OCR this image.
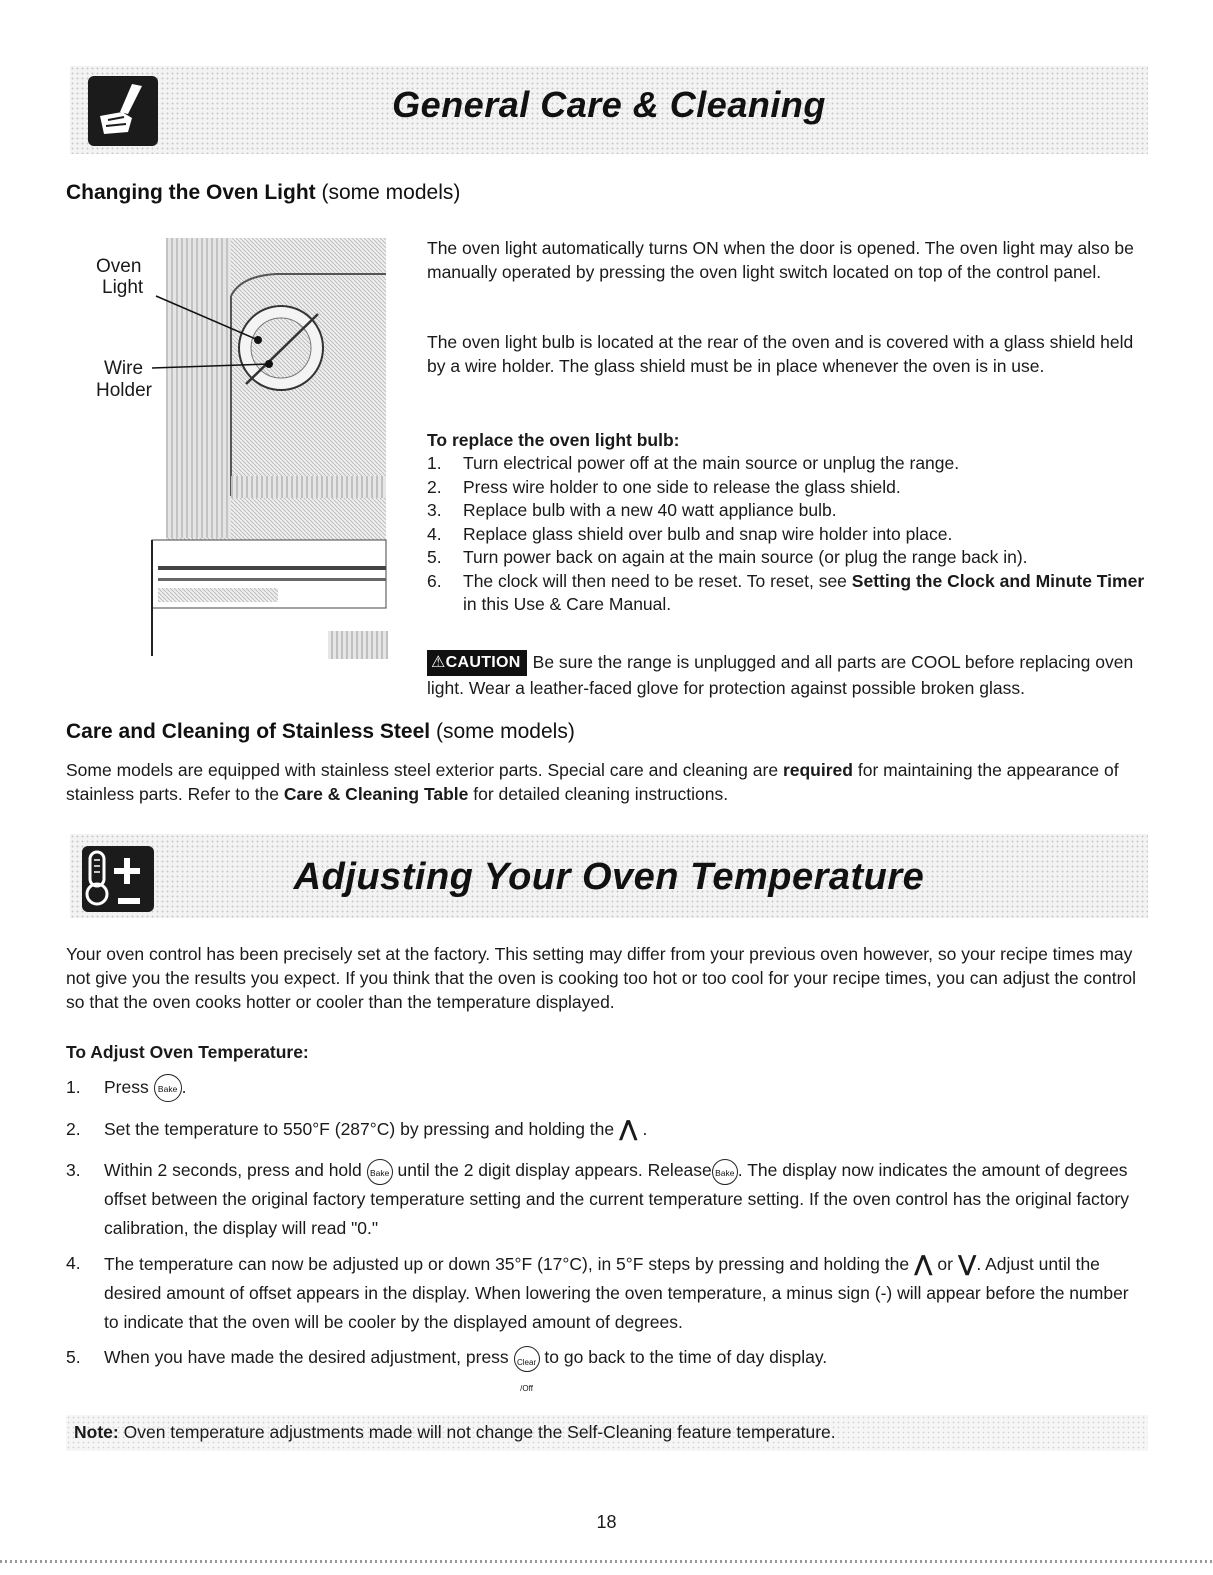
General Care & Cleaning
Changing the Oven Light (some models)
Oven
Light
Wire
Holder
The oven light automatically turns ON when the door is opened. The oven light may also be manually operated by pressing the oven light switch located on top of the control panel.
The oven light bulb is located at the rear of the oven and is covered with a glass shield held by a wire holder. The glass shield must be in place whenever the oven is in use.
To replace the oven light bulb:
1. Turn electrical power off at the main source or unplug the range.
2. Press wire holder to one side to release the glass shield.
3. Replace bulb with a new 40 watt appliance bulb.
4. Replace glass shield over bulb and snap wire holder into place.
5. Turn power back on again at the main source (or plug the range back in).
6. The clock will then need to be reset. To reset, see Setting the Clock and Minute Timer in this Use & Care Manual.
⚠CAUTION Be sure the range is unplugged and all parts are COOL before replacing oven light. Wear a leather-faced glove for protection against possible broken glass.
Care and Cleaning of Stainless Steel (some models)
Some models are equipped with stainless steel exterior parts. Special care and cleaning are required for maintaining the appearance of stainless parts. Refer to the Care & Cleaning Table for detailed cleaning instructions.
Adjusting Your Oven Temperature
Your oven control has been precisely set at the factory. This setting may differ from your previous oven however, so your recipe times may not give you the results you expect. If you think that the oven is cooking too hot or too cool for your recipe times, you can adjust the control so that the oven cooks hotter or cooler than the temperature displayed.
To Adjust Oven Temperature:
1. Press Bake .
2. Set the temperature to 550°F (287°C) by pressing and holding the ⋀ .
3. Within 2 seconds, press and hold Bake until the 2 digit display appears. Release Bake . The display now indicates the amount of degrees offset between the original factory temperature setting and the current temperature setting. If the oven control has the original factory calibration, the display will read "0."
4. The temperature can now be adjusted up or down 35°F (17°C), in 5°F steps by pressing and holding the ⋀ or ⋁. Adjust until the desired amount of offset appears in the display. When lowering the oven temperature, a minus sign (-) will appear before the number to indicate that the oven will be cooler by the displayed amount of degrees.
5. When you have made the desired adjustment, press Clear
/Off to go back to the time of day display.
Note: Oven temperature adjustments made will not change the Self-Cleaning feature temperature.
18
